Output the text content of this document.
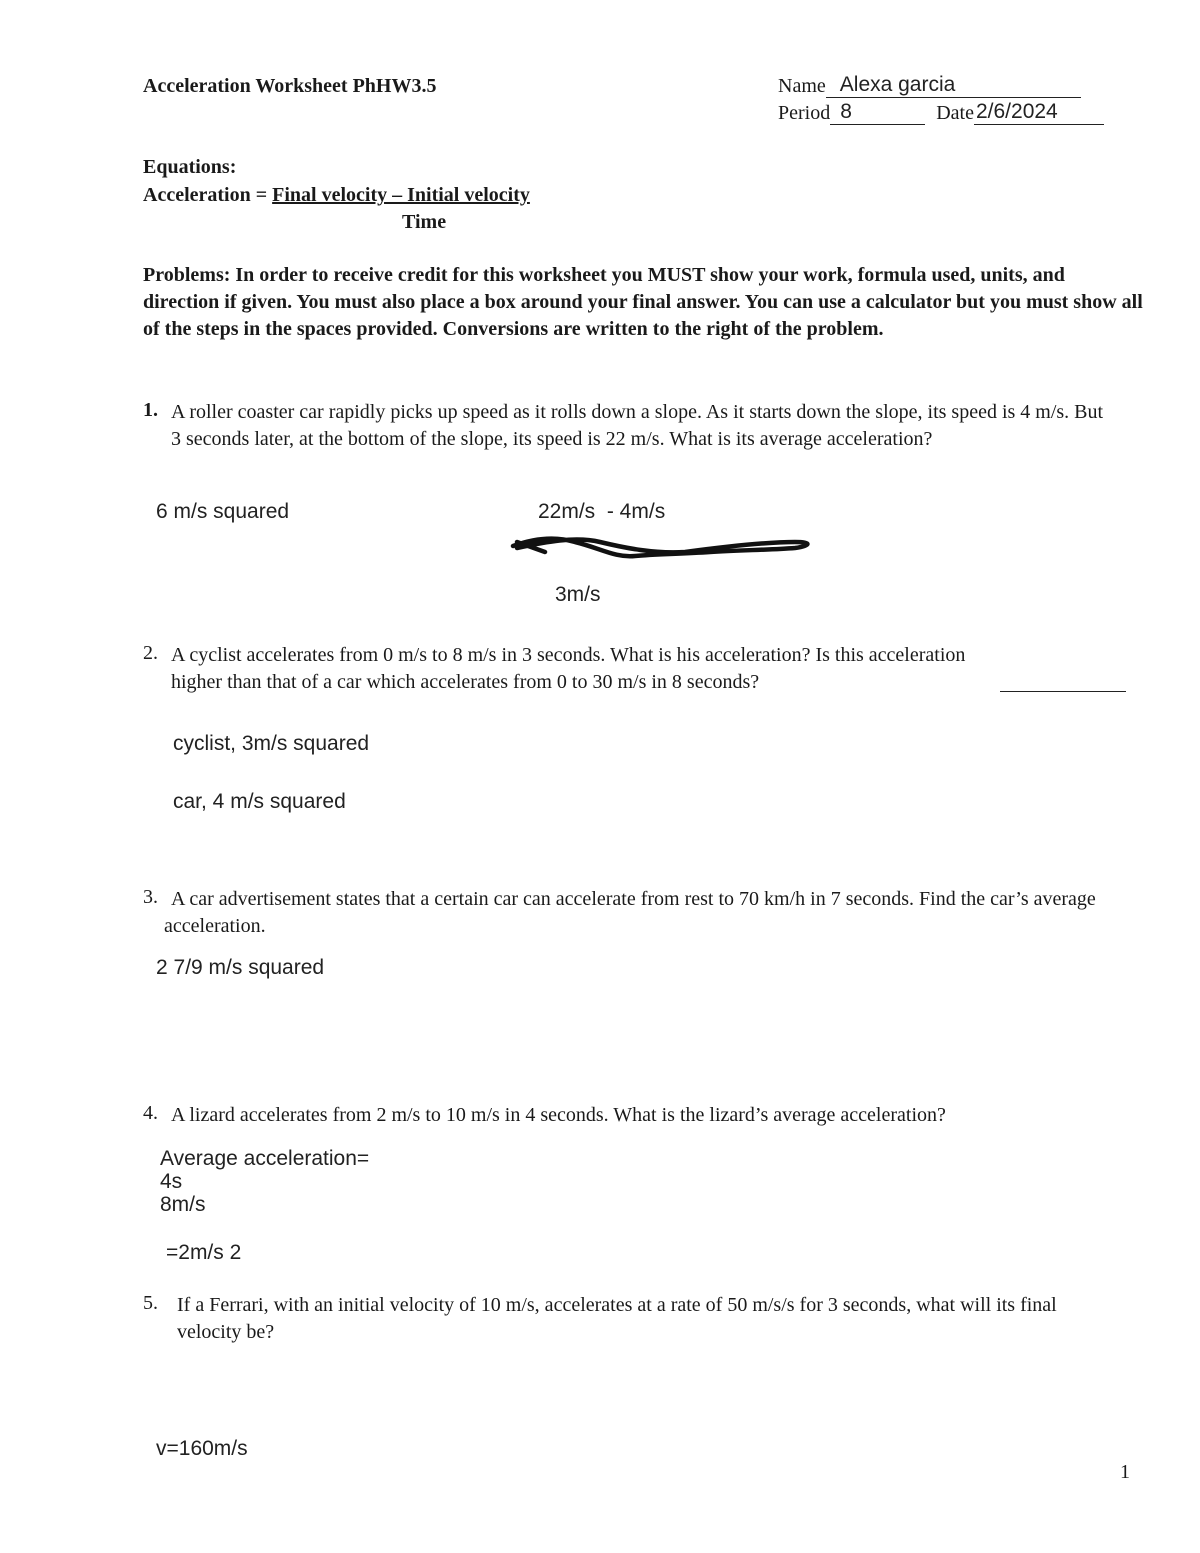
Acceleration Worksheet PhHW3.5	Name Alexa garcia
Period 8	Date 2/6/2024
Equations:
Acceleration = Final velocity – Initial velocity
Time
Problems: In order to receive credit for this worksheet you MUST show your work, formula used, units, and direction if given. You must also place a box around your final answer. You can use a calculator but you must show all of the steps in the spaces provided. Conversions are written to the right of the problem.
1. A roller coaster car rapidly picks up speed as it rolls down a slope. As it starts down the slope, its speed is 4 m/s. But 3 seconds later, at the bottom of the slope, its speed is 22 m/s. What is its average acceleration?
6 m/s squared	22m/s  - 4m/s
3m/s
2. A cyclist accelerates from 0 m/s to 8 m/s in 3 seconds. What is his acceleration? Is this acceleration higher than that of a car which accelerates from 0 to 30 m/s in 8 seconds?
cyclist, 3m/s squared
car, 4 m/s squared
3. A car advertisement states that a certain car can accelerate from rest to 70 km/h in 7 seconds. Find the car’s average acceleration.
2 7/9 m/s squared
4. A lizard accelerates from 2 m/s to 10 m/s in 4 seconds. What is the lizard’s average acceleration?
Average acceleration=
4s
8m/s
=2m/s 2
5. If a Ferrari, with an initial velocity of 10 m/s, accelerates at a rate of 50 m/s/s for 3 seconds, what will its final velocity be?
v=160m/s
1
